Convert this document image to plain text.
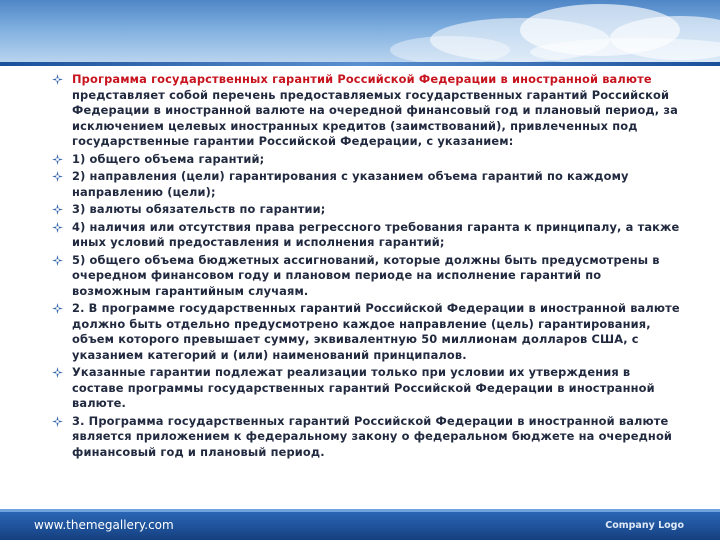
Программа государственных гарантий Российской Федерации в иностранной валюте представляет собой перечень предоставляемых государственных гарантий Российской Федерации в иностранной валюте на очередной финансовый год и плановый период, за исключением целевых иностранных кредитов (заимствований), привлеченных под государственные гарантии Российской Федерации, с указанием:
1) общего объема гарантий;
2) направления (цели) гарантирования с указанием объема гарантий по каждому направлению (цели);
3) валюты обязательств по гарантии;
4) наличия или отсутствия права регрессного требования гаранта к принципалу, а также иных условий предоставления и исполнения гарантий;
5) общего объема бюджетных ассигнований, которые должны быть предусмотрены в очередном финансовом году и плановом периоде на исполнение гарантий по возможным гарантийным случаям.
2. В программе государственных гарантий Российской Федерации в иностранной валюте должно быть отдельно предусмотрено каждое направление (цель) гарантирования, объем которого превышает сумму, эквивалентную 50 миллионам долларов США, с указанием категорий и (или) наименований принципалов.
Указанные гарантии подлежат реализации только при условии их утверждения в составе программы государственных гарантий Российской Федерации в иностранной валюте.
3. Программа государственных гарантий Российской Федерации в иностранной валюте является приложением к федеральному закону о федеральном бюджете на очередной финансовый год и плановый период.
www.themegallery.com	Company Logo
